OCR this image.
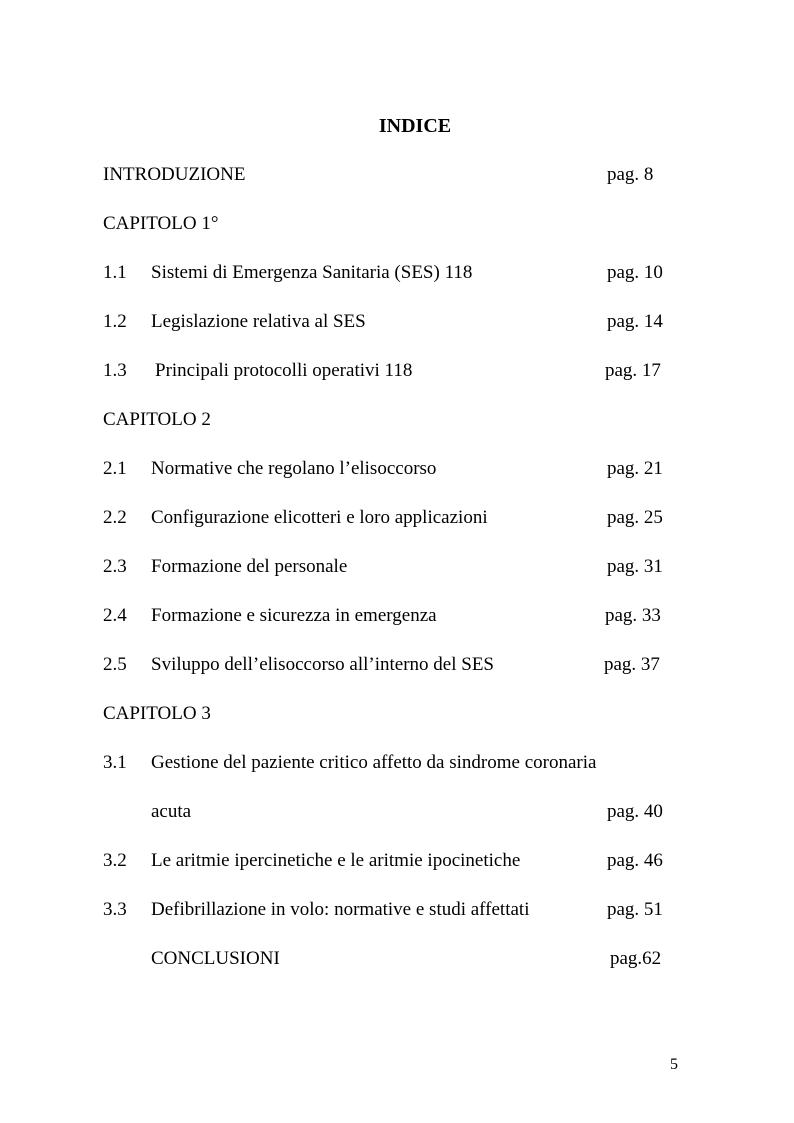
INDICE
INTRODUZIONE	pag. 8
CAPITOLO 1°
1.1 Sistemi di Emergenza Sanitaria (SES) 118	pag. 10
1.2 Legislazione relativa al SES	pag. 14
1.3 Principali protocolli operativi 118	pag. 17
CAPITOLO 2
2.1 Normative che regolano l’elisoccorso	pag. 21
2.2 Configurazione elicotteri e loro applicazioni	pag. 25
2.3 Formazione del personale	pag. 31
2.4 Formazione e sicurezza in emergenza	pag. 33
2.5 Sviluppo dell’elisoccorso all’interno del SES	pag. 37
CAPITOLO 3
3.1 Gestione del paziente critico affetto da sindrome coronaria
acuta	pag. 40
3.2 Le aritmie ipercinetiche e le aritmie ipocinetiche	pag. 46
3.3 Defibrillazione in volo: normative e studi affettati	pag. 51
CONCLUSIONI	pag.62
5
